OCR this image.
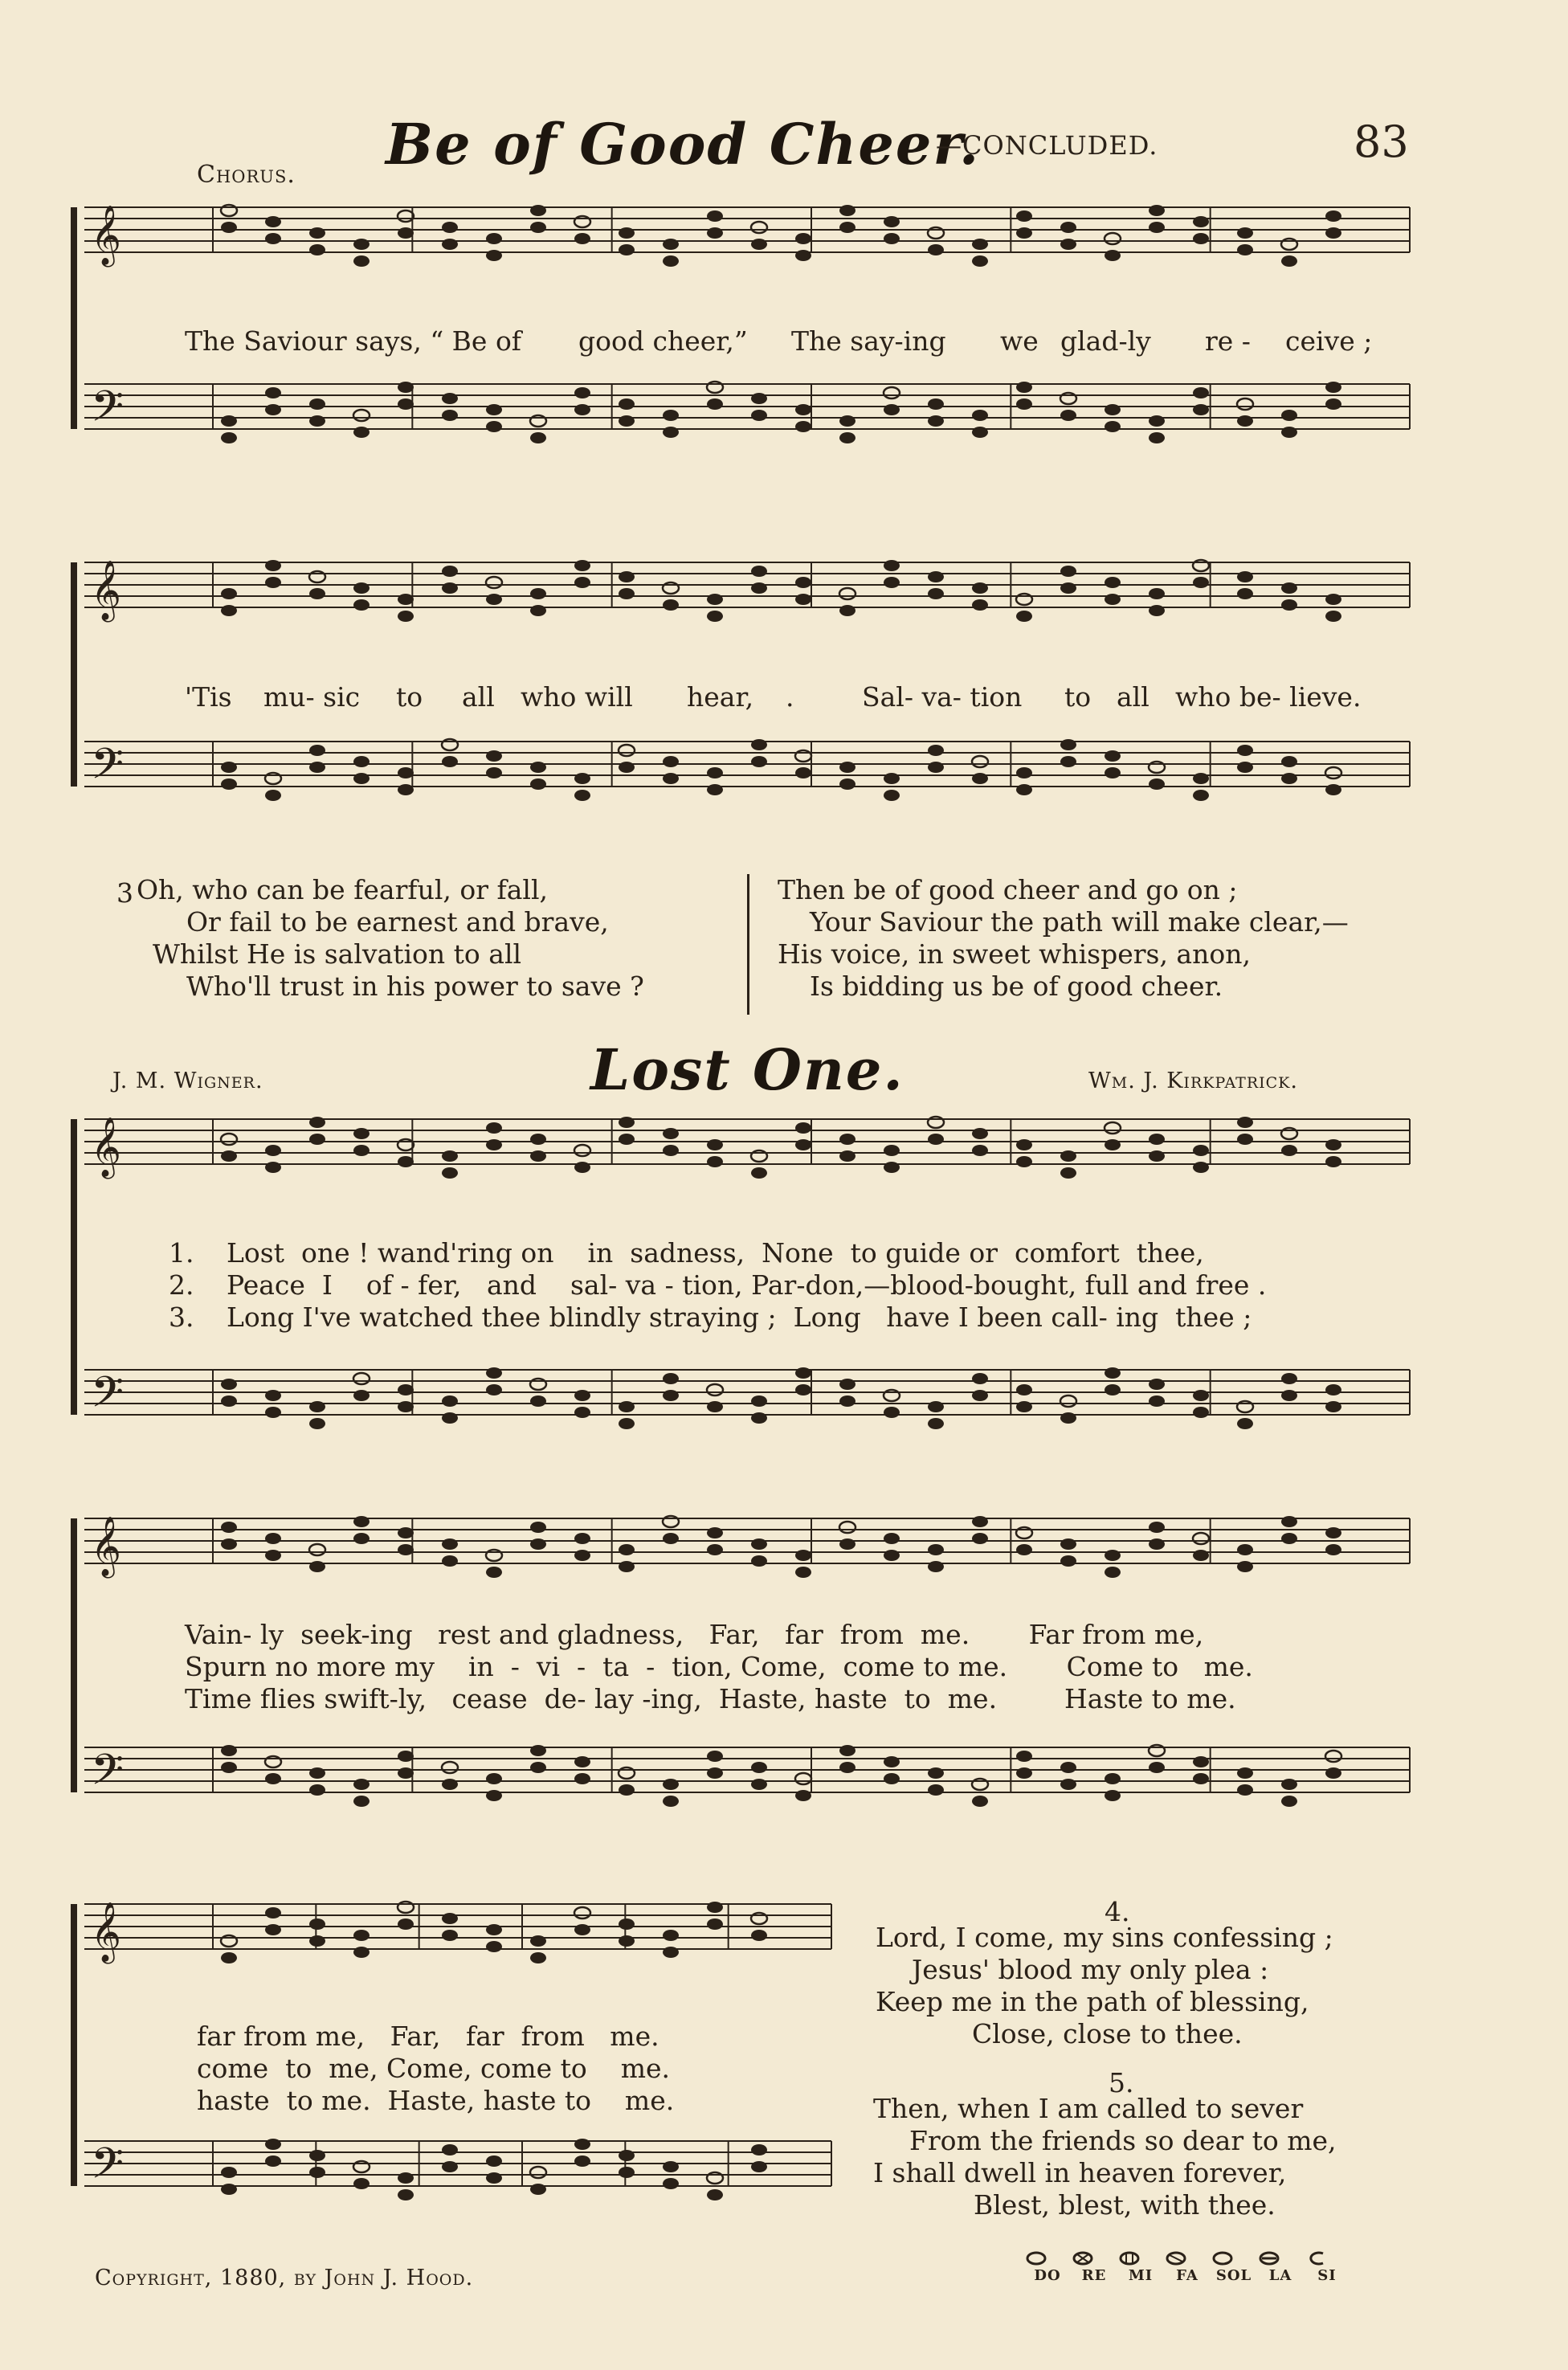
𝄞
𝄢
𝄞
𝄢
𝄞
𝄢
𝄞
𝄢
𝄞
𝄢
Chorus. Be of Good Cheer.
—CONCLUDED.	83
The Saviour says, “ Be of good cheer,” The say-ing we glad-ly re - ceive ;
'Tis mu- sic to all who will hear, .	Sal- va- tion to all who be- lieve.
3 Oh, who can be fearful, or fall,
Or fail to be earnest and brave,
Whilst He is salvation to all
Who'll trust in his power to save ?
Then be of good cheer and go on ;
Your Saviour the path will make clear,—
His voice, in sweet whispers, anon,
Is bidding us be of good cheer.
J. M. Wigner.	Lost One.	Wm. J. Kirkpatrick.
1. Lost  one ! wand'ring on    in  sadness,  None  to guide or  comfort  thee,
2. Peace  I    of - fer,   and    sal- va - tion, Par-don,—blood-bought, full and free .
3. Long I've watched thee blindly straying ;  Long   have I been call- ing  thee ;
Vain- ly  seek-ing   rest and gladness,   Far,   far  from  me.       Far from me,
Spurn no more my    in  -  vi  -  ta  -  tion, Come,  come to me.       Come to   me.
Time flies swift-ly,   cease  de- lay -ing,  Haste, haste  to  me.        Haste to me.
far from me,   Far,   far  from   me.
come  to  me, Come, come to    me.
haste  to me.  Haste, haste to    me.
4.
Lord, I come, my sins confessing ;
Jesus' blood my only plea :
Keep me in the path of blessing,
Close, close to thee.
5.
Then, when I am called to sever
From the friends so dear to me,
I shall dwell in heaven forever,
Blest, blest, with thee.
Copyright, 1880, by John J. Hood.	DO	RE	MI	FA	SOL	LA	SI
